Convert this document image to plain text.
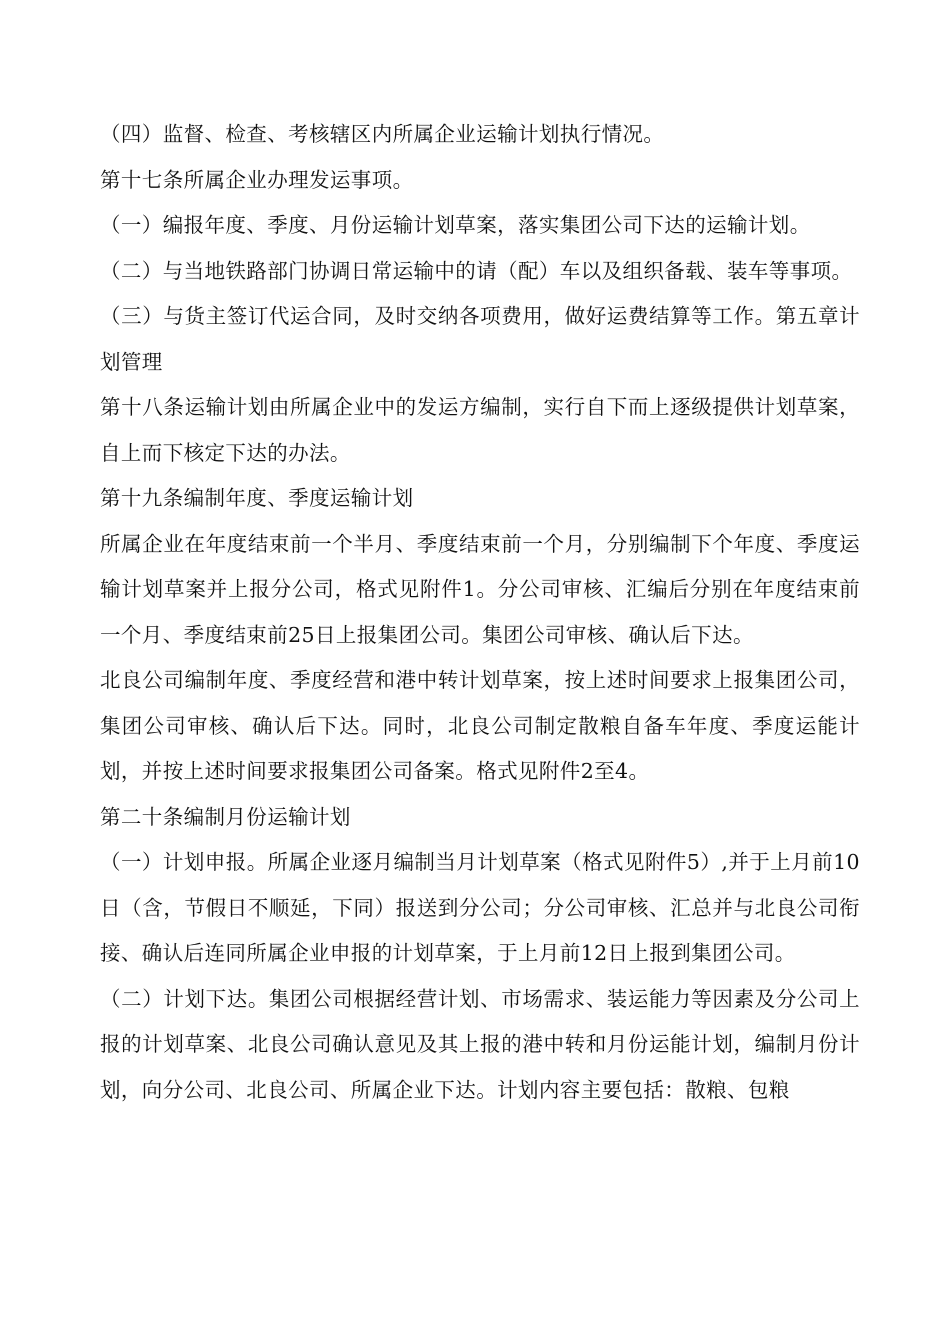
（四）监督、检查、考核辖区内所属企业运输计划执行情况。

第十七条所属企业办理发运事项。

（一）编报年度、季度、月份运输计划草案，落实集团公司下达的运输计划。

（二）与当地铁路部门协调日常运输中的请（配）车以及组织备载、装车等事项。

（三）与货主签订代运合同，及时交纳各项费用，做好运费结算等工作。第五章计划管理

第十八条运输计划由所属企业中的发运方编制，实行自下而上逐级提供计划草案，自上而下核定下达的办法。

第十九条编制年度、季度运输计划

所属企业在年度结束前一个半月、季度结束前一个月，分别编制下个年度、季度运输计划草案并上报分公司，格式见附件1。分公司审核、汇编后分别在年度结束前一个月、季度结束前25日上报集团公司。集团公司审核、确认后下达。

北良公司编制年度、季度经营和港中转计划草案，按上述时间要求上报集团公司，集团公司审核、确认后下达。同时，北良公司制定散粮自备车年度、季度运能计划，并按上述时间要求报集团公司备案。格式见附件2至4。

第二十条编制月份运输计划

（一）计划申报。所属企业逐月编制当月计划草案（格式见附件5）,并于上月前10日（含，节假日不顺延，下同）报送到分公司；分公司审核、汇总并与北良公司衔接、确认后连同所属企业申报的计划草案，于上月前12日上报到集团公司。

（二）计划下达。集团公司根据经营计划、市场需求、装运能力等因素及分公司上报的计划草案、北良公司确认意见及其上报的港中转和月份运能计划，编制月份计划，向分公司、北良公司、所属企业下达。计划内容主要包括：散粮、包粮
